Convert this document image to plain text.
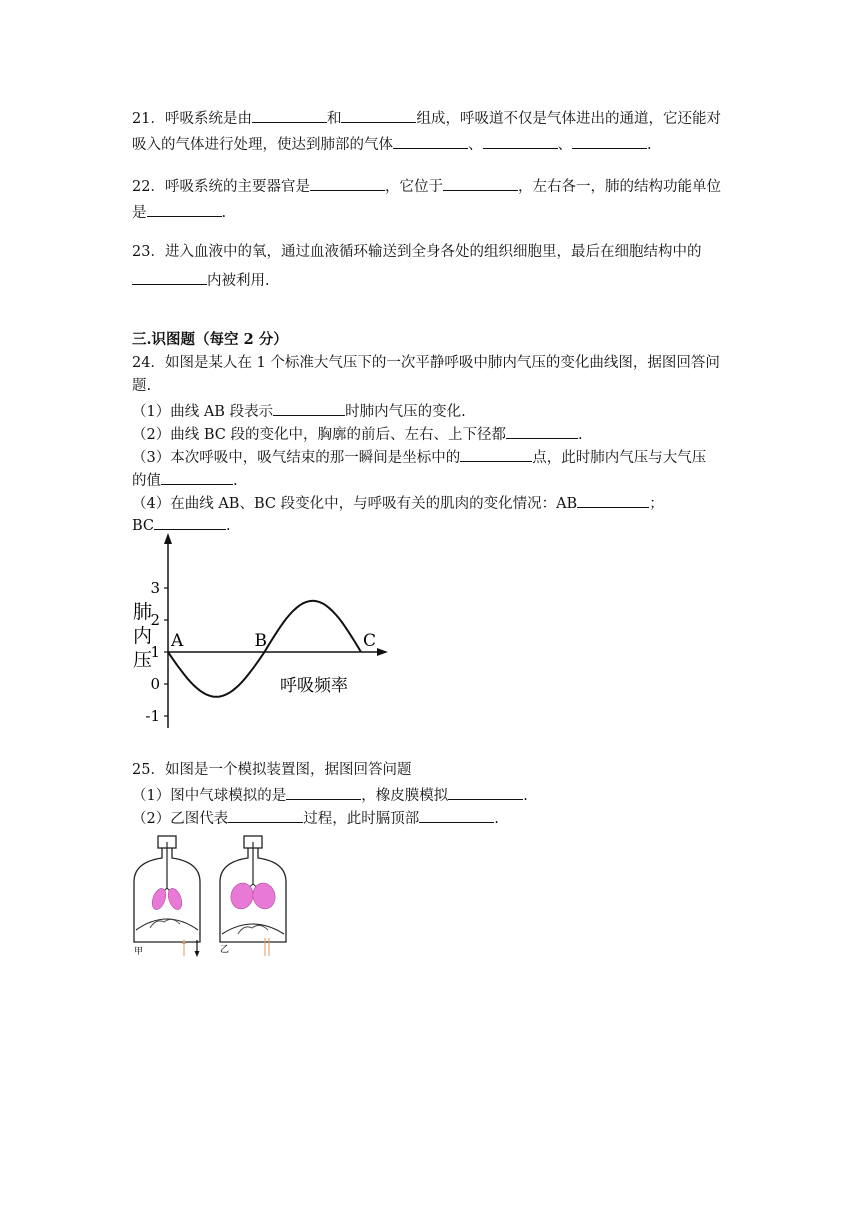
21．呼吸系统是由	和	组成，呼吸道不仅是气体进出的通道，它还能对
吸入的气体进行处理，使达到肺部的气体	、	、	.
22．呼吸系统的主要器官是	，它位于	，左右各一，肺的结构功能单位
是	.
23．进入血液中的氧，通过血液循环输送到全身各处的组织细胞里，最后在细胞结构中的
内被利用.
三.识图题（每空 2 分）
24．如图是某人在 1 个标准大气压下的一次平静呼吸中肺内气压的变化曲线图，据图回答问
题.
（1）曲线 AB 段表示	时肺内气压的变化.
（2）曲线 BC 段的变化中，胸廓的前后、左右、上下径都	.
（3）本次呼吸中，吸气结束的那一瞬间是坐标中的	点，此时肺内气压与大气压
的值	.
（4）在曲线 AB、BC 段变化中，与呼吸有关的肌肉的变化情况：AB	；
BC	.
3
2
1
0
-1
A	B	C
肺
内
压
呼吸频率
25．如图是一个模拟装置图，据图回答问题
（1）图中气球模拟的是	，橡皮膜模拟	.
（2）乙图代表	过程，此时膈顶部	.
甲	乙
